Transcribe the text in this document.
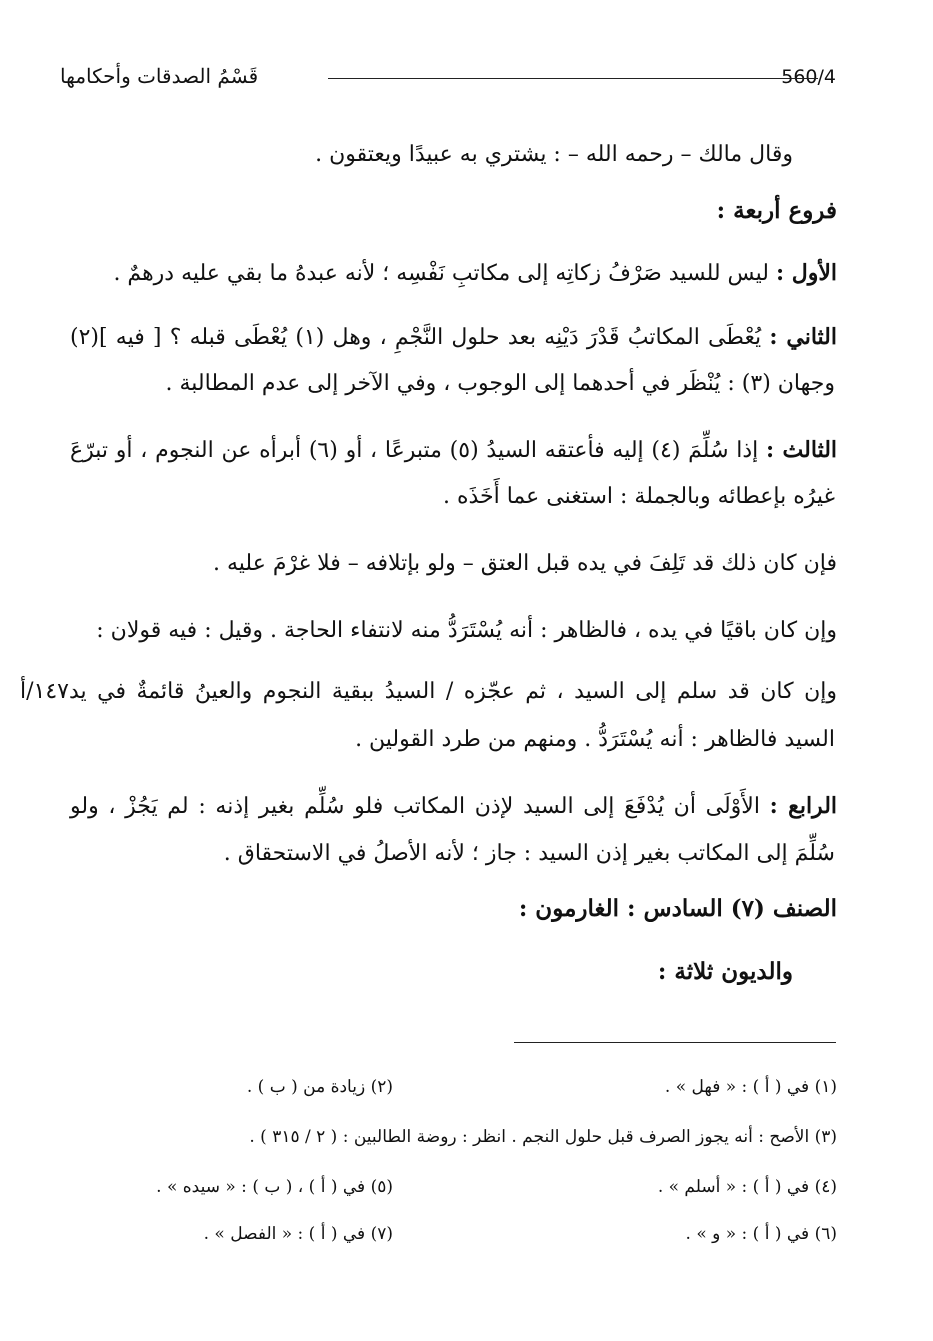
560/4
قَسْمُ الصدقات وأحكامها
وقال مالك – رحمه الله – : يشتري به عبيدًا ويعتقون .
فروع أربعة :
الأول : ليس للسيد صَرْفُ زكاتِه إلى مكاتبِ نَفْسِه ؛ لأنه عبدهُ ما بقي عليه درهمٌ .
الثاني : يُعْطَى المكاتبُ قَدْرَ دَيْنِه بعد حلول النَّجْمِ ، وهل (١) يُعْطَى قبله ؟ [ فيه ](٢)
وجهان (٣) : يُنْظَر في أحدهما إلى الوجوب ، وفي الآخر إلى عدم المطالبة .
الثالث : إذا سُلِّمَ (٤) إليه فأعتقه السيدُ (٥) متبرعًا ، أو (٦) أبرأه عن النجوم ، أو تبرّعَ
غيرُه بإعطائه وبالجملة : استغنى عما أَخَذَه .
فإن كان ذلك قد تَلِفَ في يده قبل العتق – ولو بإتلافه – فلا غرْمَ عليه .
وإن كان باقيًا في يده ، فالظاهر : أنه يُسْتَرَدُّ منه لانتفاء الحاجة . وقيل : فيه قولان :
وإن كان قد سلم إلى السيد ، ثم عجّزه / السيدُ ببقية النجوم والعينُ قائمةٌ في يد١٤٧/أ
السيد فالظاهر : أنه يُسْتَرَدُّ . ومنهم من طرد القولين .
الرابع : الأَوْلَى أن يُدْفَعَ إلى السيد لإذن المكاتب فلو سُلِّم بغير إذنه : لم يَجُزْ ، ولو
سُلِّمَ إلى المكاتب بغير إذن السيد : جاز ؛ لأنه الأصلُ في الاستحقاق .
الصنف (٧) السادس : الغارمون :
والديون ثلاثة :
(١) في ( أ ) : « فهل » .
(٢) زيادة من ( ب ) .
(٣) الأصح : أنه يجوز الصرف قبل حلول النجم . انظر : روضة الطالبين : ( ٢ / ٣١٥ ) .
(٤) في ( أ ) : « أسلم » .
(٥) في ( أ ) ، ( ب ) : « سيده » .
(٦) في ( أ ) : « و » .
(٧) في ( أ ) : « الفصل » .
